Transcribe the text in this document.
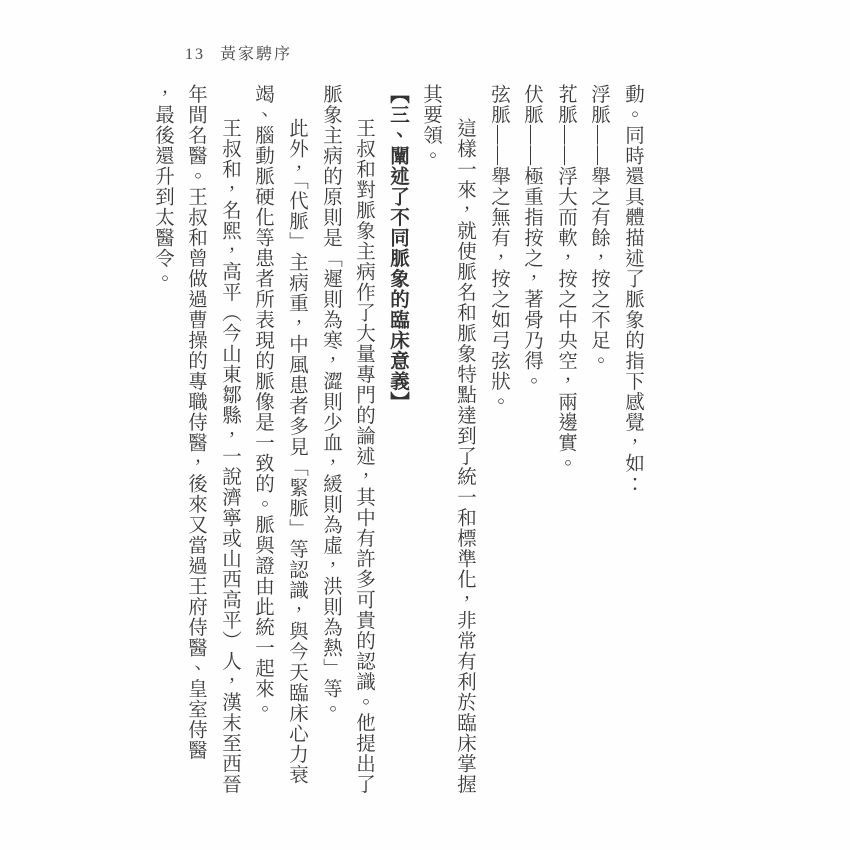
13 黃家騁序
動。同時還具體描述了脈象的指下感覺，如：
浮脈——舉之有餘，按之不足。
芤脈——浮大而軟，按之中央空，兩邊實。
伏脈——極重指按之，著骨乃得。
弦脈——舉之無有，按之如弓弦狀。
這樣一來，就使脈名和脈象特點達到了統一和標準化，非常有利於臨床掌握
其要領。
【三、闡述了不同脈象的臨床意義】
王叔和對脈象主病作了大量專門的論述，其中有許多可貴的認識。他提出了
脈象主病的原則是「遲則為寒，澀則少血，緩則為虛，洪則為熱」等。
此外，「代脈」主病重，中風患者多見「緊脈」等認識，與今天臨床心力衰
竭、腦動脈硬化等患者所表現的脈像是一致的。脈與證由此統一起來。
王叔和，名熙，高平（今山東鄒縣，一說濟寧或山西高平）人，漢末至西晉
年間名醫。王叔和曾做過曹操的專職侍醫，後來又當過王府侍醫、皇室侍醫
，最後還升到太醫令。
